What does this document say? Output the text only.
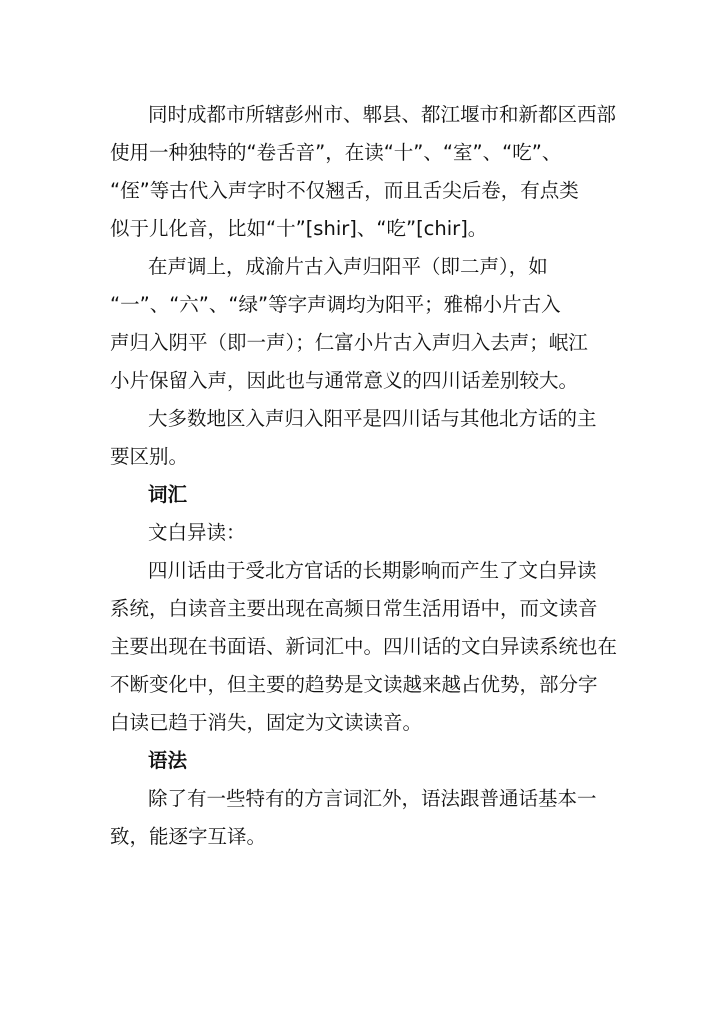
同时成都市所辖彭州市、郫县、都江堰市和新都区西部
使用一种独特的“卷舌音”，在读“十”、“室”、“吃”、
“侄”等古代入声字时不仅翘舌，而且舌尖后卷，有点类
似于儿化音，比如“十”[shir]、“吃”[chir]。
在声调上，成渝片古入声归阳平（即二声），如
“一”、“六”、“绿”等字声调均为阳平；雅棉小片古入
声归入阴平（即一声）；仁富小片古入声归入去声；岷江
小片保留入声，因此也与通常意义的四川话差别较大。
大多数地区入声归入阳平是四川话与其他北方话的主
要区别。
词汇
文白异读：
四川话由于受北方官话的长期影响而产生了文白异读
系统，白读音主要出现在高频日常生活用语中，而文读音
主要出现在书面语、新词汇中。四川话的文白异读系统也在
不断变化中，但主要的趋势是文读越来越占优势，部分字
白读已趋于消失，固定为文读读音。
语法
除了有一些特有的方言词汇外，语法跟普通话基本一
致，能逐字互译。
